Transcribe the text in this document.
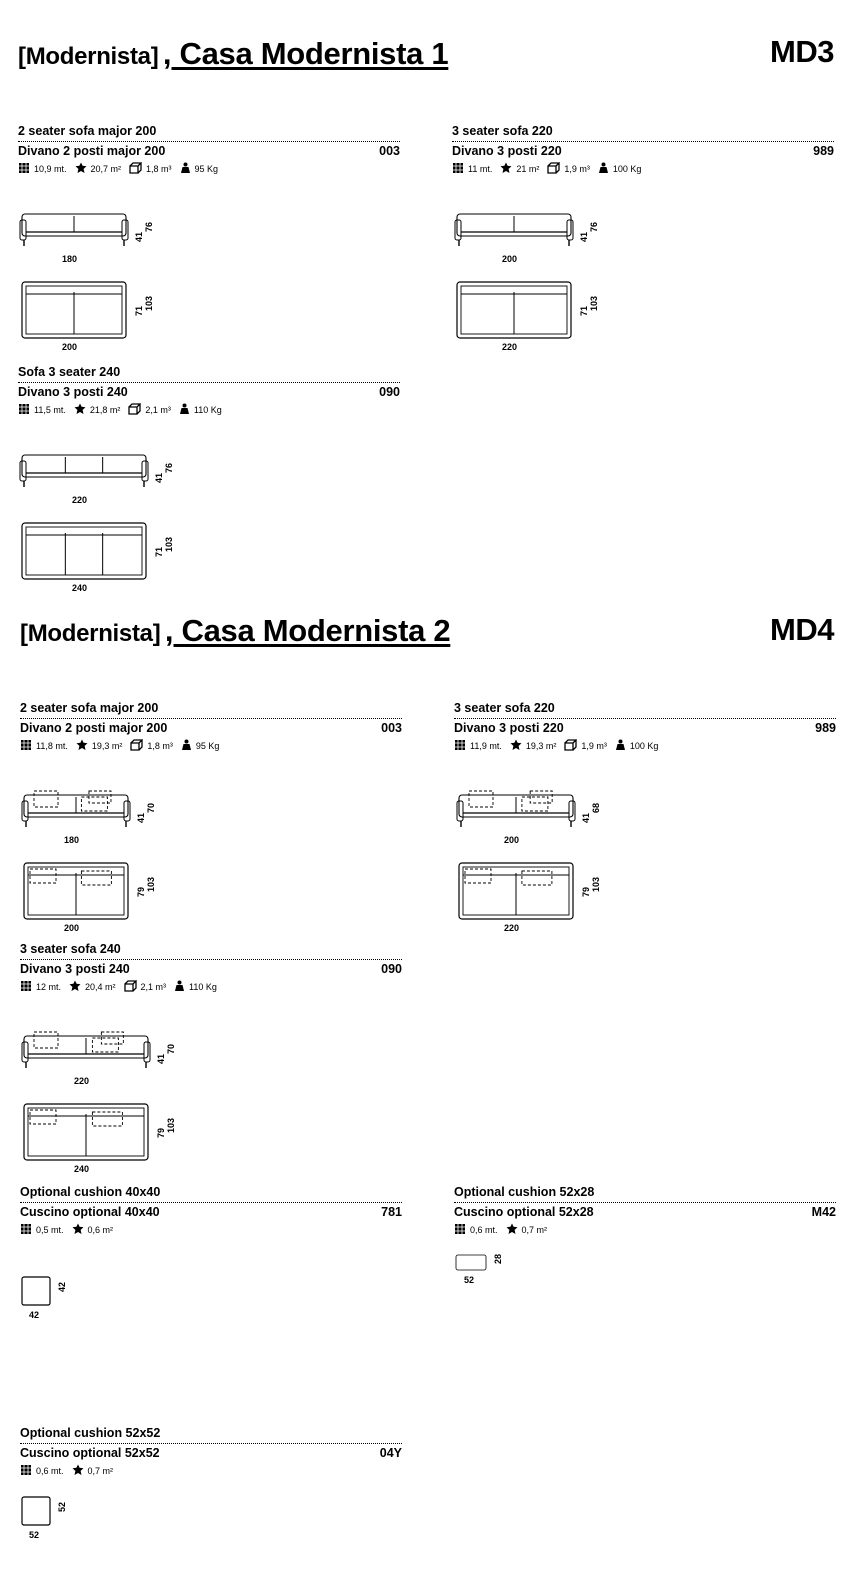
[Modernista] , Casa Modernista 1	MD3
[Modernista] , Casa Modernista 2	MD4
2 seater sofa major 200
Divano 2 posti major 200	003
10,9 mt.	20,7 m²	1,8 m³	95 Kg
180
200
41
76
71 103
3 seater sofa 220
Divano 3 posti 220	989
11 mt.	21 m²	1,9 m³	100 Kg
200
220
41
76
71 103
Sofa 3 seater 240
Divano 3 posti 240	090
11,5 mt.	21,8 m²	2,1 m³	110 Kg
220
240
41
76
71 103
2 seater sofa major 200
Divano 2 posti major 200	003
11,8 mt.	19,3 m²	1,8 m³	95 Kg
180
200
41
70
79 103
3 seater sofa 220
Divano 3 posti 220	989
11,9 mt.	19,3 m²	1,9 m³	100 Kg
200
220
41
68
79 103
3 seater sofa 240
Divano 3 posti 240	090
12 mt.	20,4 m²	2,1 m³	110 Kg
220
240
41
70
79 103
Optional cushion 40x40
Cuscino optional 40x40	781
0,5 mt.	0,6 m²
42
42
Optional cushion 52x28
Cuscino optional 52x28	M42
0,6 mt.	0,7 m²
52
28
Optional cushion 52x52
Cuscino optional 52x52	04Y
0,6 mt.	0,7 m²
52
52
